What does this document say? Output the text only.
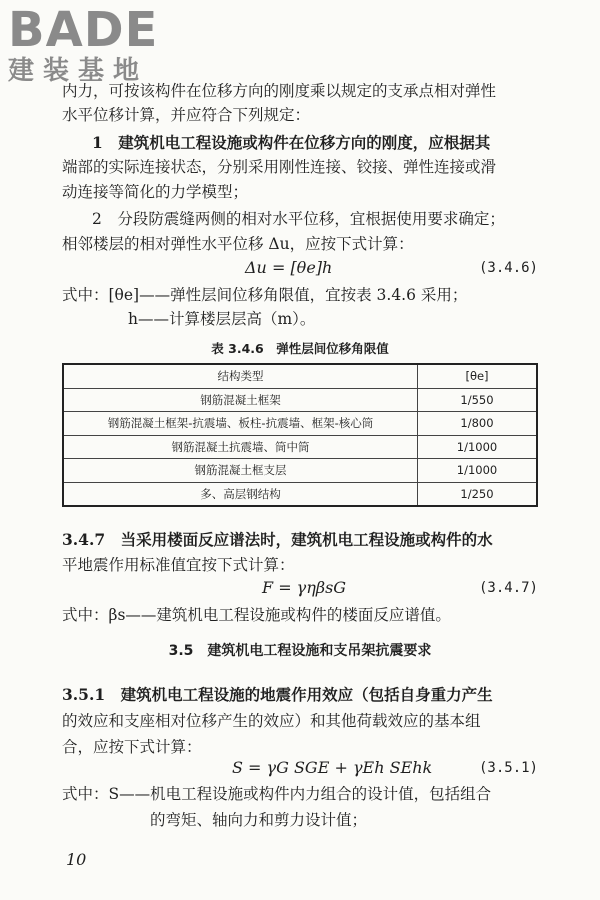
BADE
建装基地
内力，可按该构件在位移方向的刚度乘以规定的支承点相对弹性
水平位移计算，并应符合下列规定：
1　建筑机电工程设施或构件在位移方向的刚度，应根据其
端部的实际连接状态，分别采用刚性连接、铰接、弹性连接或滑
动连接等简化的力学模型；
2　分段防震缝两侧的相对水平位移，宜根据使用要求确定；
相邻楼层的相对弹性水平位移 Δu，应按下式计算：
Δu = [θe]h	(3.4.6)
式中：[θe]——弹性层间位移角限值，宜按表 3.4.6 采用；
h——计算楼层层高（m）。
表 3.4.6　弹性层间位移角限值
结构类型	[θe]
钢筋混凝土框架	1/550
钢筋混凝土框架-抗震墙、板柱-抗震墙、框架-核心筒	1/800
钢筋混凝土抗震墙、筒中筒	1/1000
钢筋混凝土框支层	1/1000
多、高层钢结构	1/250
3.4.7　当采用楼面反应谱法时，建筑机电工程设施或构件的水
平地震作用标准值宜按下式计算：
F = γηβsG	(3.4.7)
式中：βs——建筑机电工程设施或构件的楼面反应谱值。
3.5　建筑机电工程设施和支吊架抗震要求
3.5.1　建筑机电工程设施的地震作用效应（包括自身重力产生
的效应和支座相对位移产生的效应）和其他荷载效应的基本组
合，应按下式计算：
S = γG SGE + γEh SEhk	(3.5.1)
式中：S——机电工程设施或构件内力组合的设计值，包括组合
的弯矩、轴向力和剪力设计值；
10
